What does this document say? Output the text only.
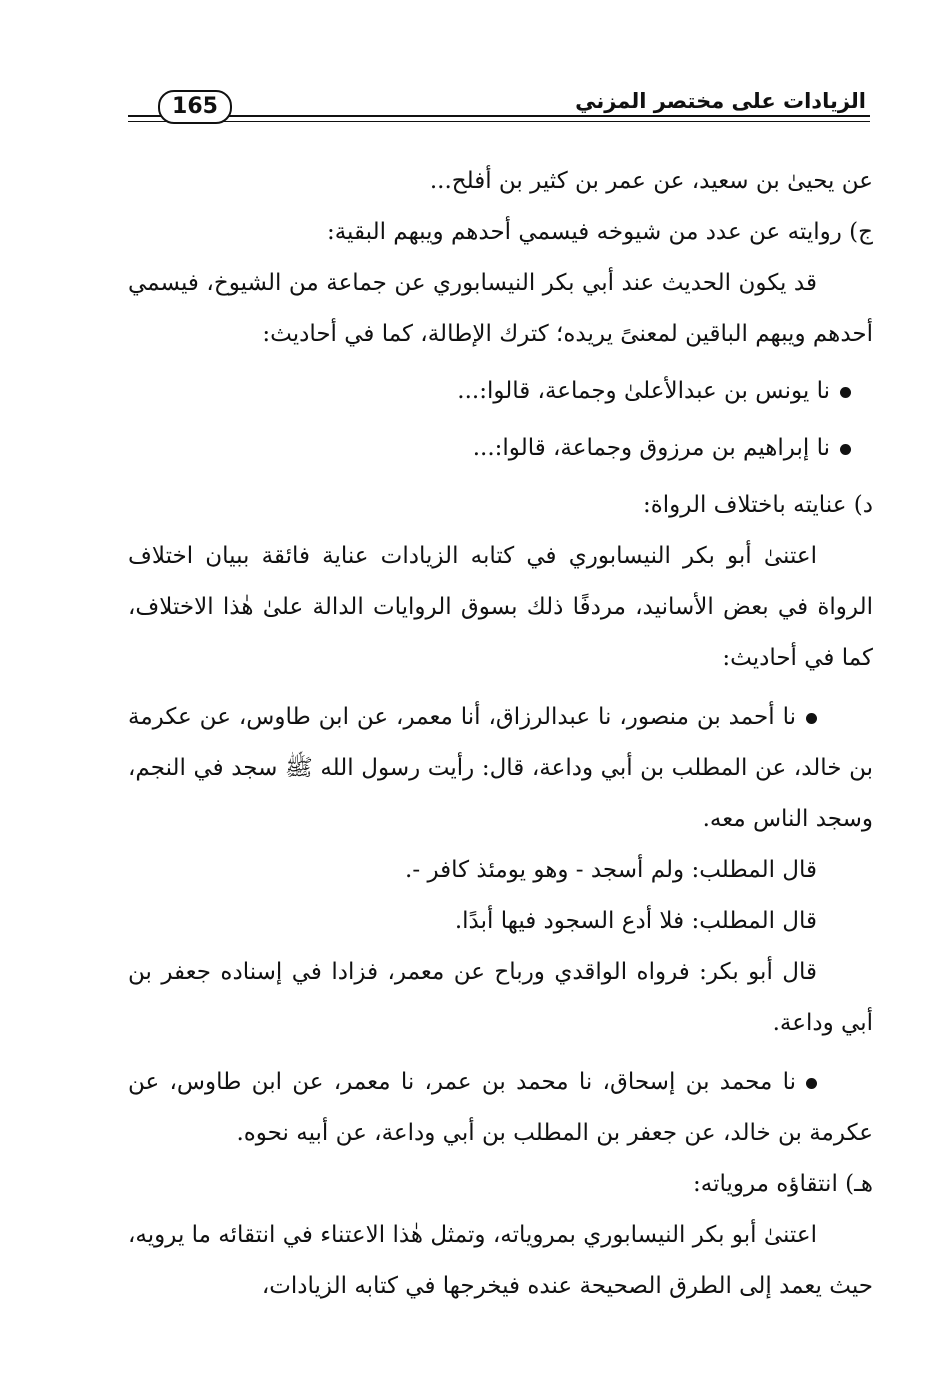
165	الزيادات على مختصر المزني

عن يحيىٰ بن سعيد، عن عمر بن كثير بن أفلح...

ج) روايته عن عدد من شيوخه فيسمي أحدهم ويبهم البقية:

قد يكون الحديث عند أبي بكر النيسابوري عن جماعة من الشيوخ، فيسمي أحدهم ويبهم الباقين لمعنىً يريده؛ كترك الإطالة، كما في أحاديث:

نا يونس بن عبدالأعلىٰ وجماعة، قالوا:...

نا إبراهيم بن مرزوق وجماعة، قالوا:...

د) عنايته باختلاف الرواة:

اعتنىٰ أبو بكر النيسابوري في كتابه الزيادات عناية فائقة ببيان اختلاف الرواة في بعض الأسانيد، مردفًا ذلك بسوق الروايات الدالة علىٰ هٰذا الاختلاف، كما في أحاديث:

نا أحمد بن منصور، نا عبدالرزاق، أنا معمر، عن ابن طاوس، عن عكرمة بن خالد، عن المطلب بن أبي وداعة، قال: رأيت رسول الله ﷺ سجد في النجم، وسجد الناس معه.

قال المطلب: ولم أسجد - وهو يومئذ كافر -.

قال المطلب: فلا أدع السجود فيها أبدًا.

قال أبو بكر: فرواه الواقدي ورباح عن معمر، فزادا في إسناده جعفر بن أبي وداعة.

نا محمد بن إسحاق، نا محمد بن عمر، نا معمر، عن ابن طاوس، عن عكرمة بن خالد، عن جعفر بن المطلب بن أبي وداعة، عن أبيه نحوه.

هـ) انتقاؤه مروياته:

اعتنىٰ أبو بكر النيسابوري بمروياته، وتمثل هٰذا الاعتناء في انتقائه ما يرويه، حيث يعمد إلى الطرق الصحيحة عنده فيخرجها في كتابه الزيادات،
